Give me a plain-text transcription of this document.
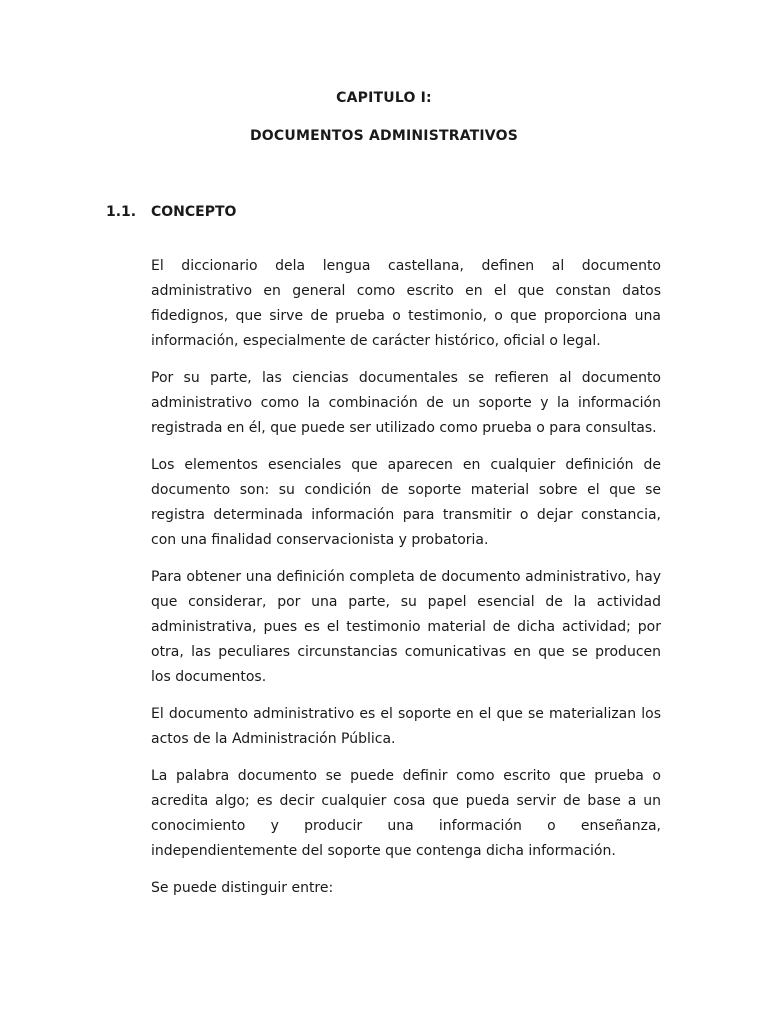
CAPITULO I:
DOCUMENTOS ADMINISTRATIVOS
1.1. CONCEPTO

El diccionario dela lengua castellana, definen al documento administrativo en general como escrito en el que constan datos fidedignos, que sirve de prueba o testimonio, o que proporciona una información, especialmente de carácter histórico, oficial o legal.

Por su parte, las ciencias documentales se refieren al documento administrativo como la combinación de un soporte y la información registrada en él, que puede ser utilizado como prueba o para consultas.

Los elementos esenciales que aparecen en cualquier definición de documento son: su condición de soporte material sobre el que se registra determinada información para transmitir o dejar constancia, con una finalidad conservacionista y probatoria.

Para obtener una definición completa de documento administrativo, hay que considerar, por una parte, su papel esencial de la actividad administrativa, pues es el testimonio material de dicha actividad; por otra, las peculiares circunstancias comunicativas en que se producen los documentos.

El documento administrativo es el soporte en el que se materializan los actos de la Administración Pública.

La palabra documento se puede definir como escrito que prueba o acredita algo; es decir cualquier cosa que pueda servir de base a un conocimiento y producir una información o enseñanza, independientemente del soporte que contenga dicha información.

Se puede distinguir entre:
